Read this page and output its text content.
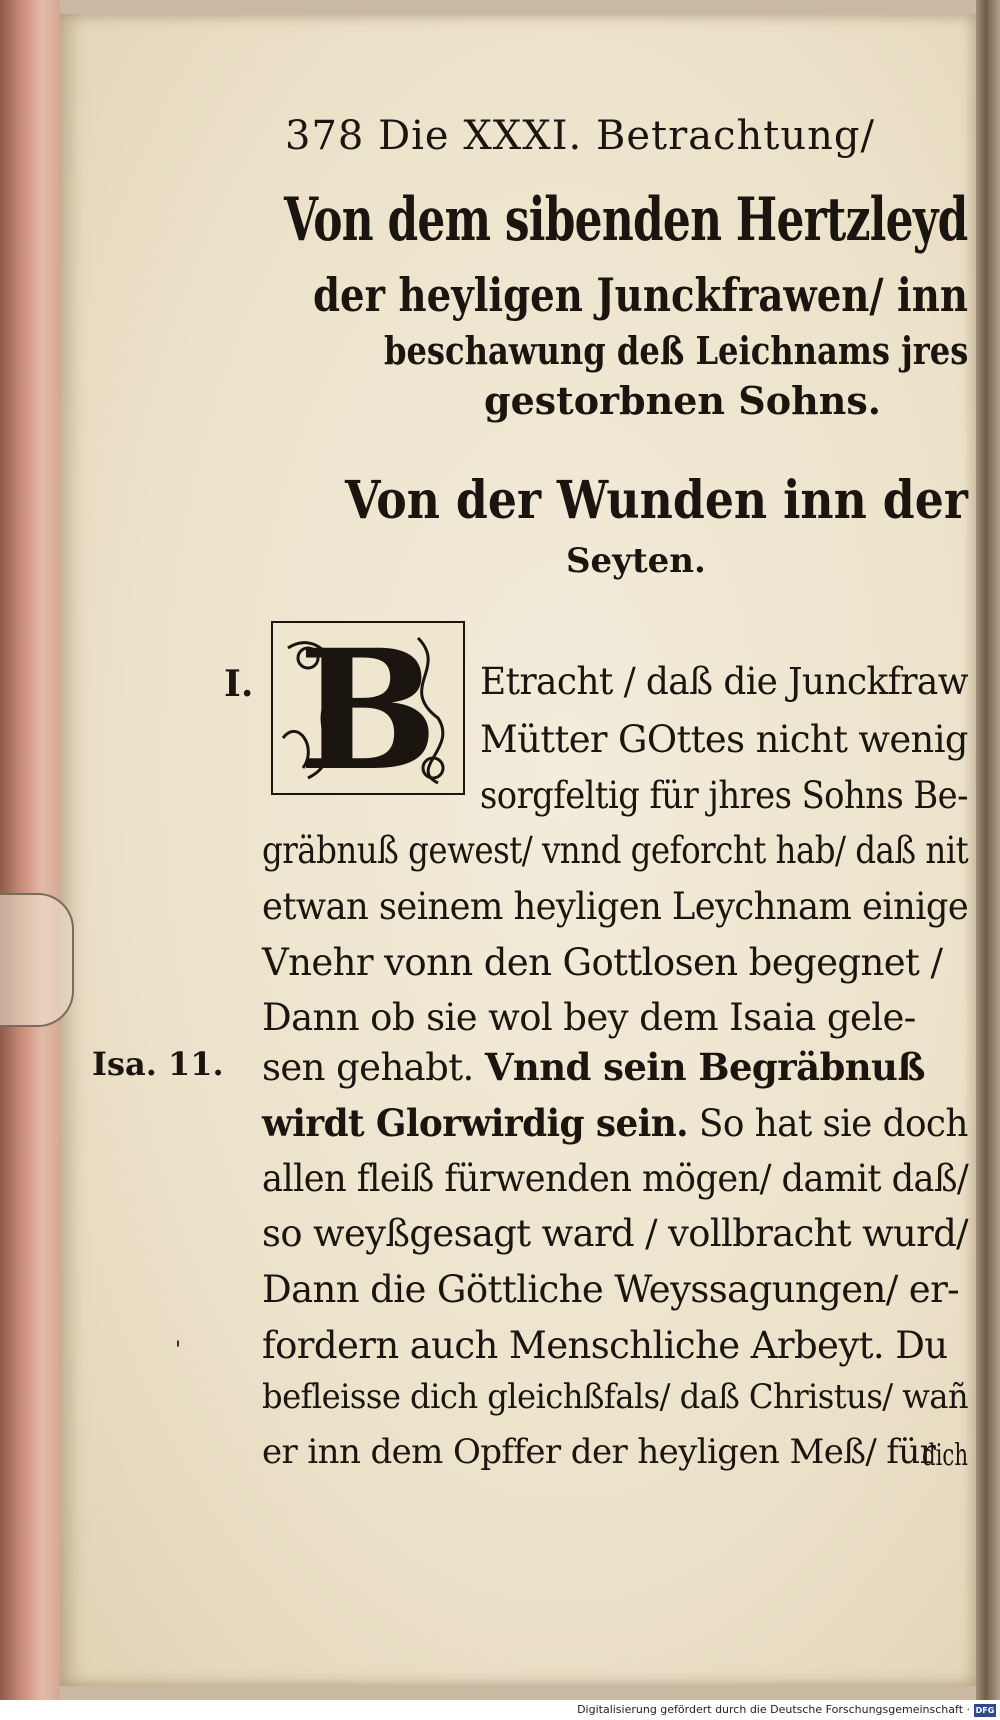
378 Die XXXI. Betrachtung/
Von dem sibenden Hertzleyd
der heyligen Junckfrawen/ inn
beschawung deß Leichnams jres
gestorbnen Sohns.
Von der Wunden inn der
Seyten.
I. B Etracht / daß die Junckfraw
Mütter GOttes nicht wenig
sorgfeltig für jhres Sohns Be-
gräbnuß gewest/ vnnd geforcht hab/ daß nit
etwan seinem heyligen Leychnam einige
Vnehr vonn den Gottlosen begegnet /
Dann ob sie wol bey dem Isaia gele-
sen gehabt. Vnnd sein Begräbnuß
wirdt Glorwirdig sein. So hat sie doch
allen fleiß fürwenden mögen/ damit daß/
so weyßgesagt ward / vollbracht wurd/
Dann die Göttliche Weyssagungen/ er-
fordern auch Menschliche Arbeyt. Du
befleisse dich gleichßfals/ daß Christus/ wañ
er inn dem Opffer der heyligen Meß/ für
dich
Isa. 11.
'
Digitalisierung gefördert durch die Deutsche Forschungsgemeinschaft · DFG
